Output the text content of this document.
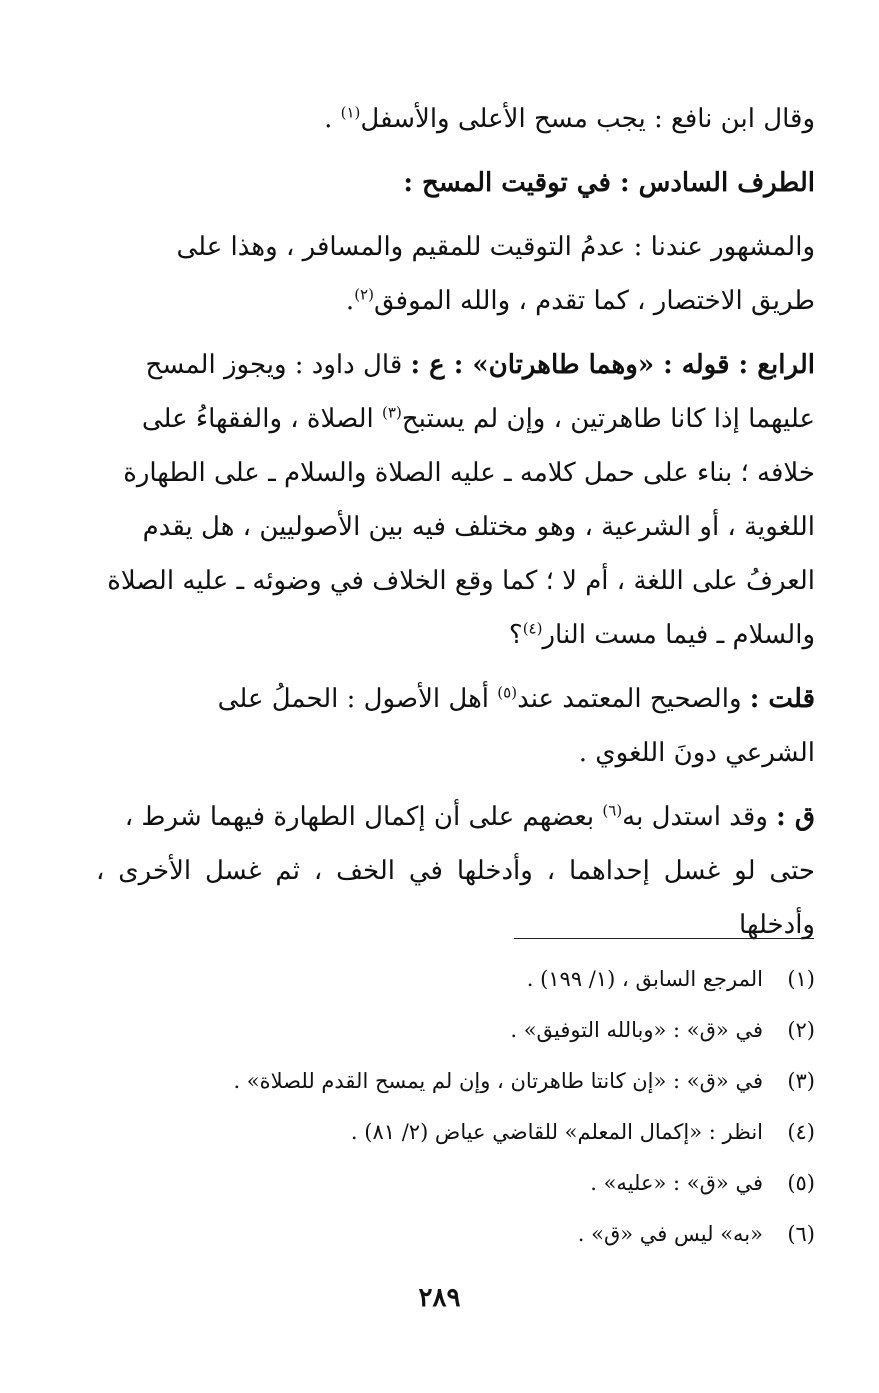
وقال ابن نافع : يجب مسح الأعلى والأسفل$^{(١)}$ .

الطرف السادس : في توقيت المسح :

والمشهور عندنا : عدمُ التوقيت للمقيم والمسافر ، وهذا على

طريق الاختصار ، كما تقدم ، والله الموفق$^{(٢)}$.

الرابع : قوله : «وهما طاهرتان» : ع : قال داود : ويجوز المسح

عليهما إذا كانا طاهرتين ، وإن لم يستبح$^{(٣)}$ الصلاة ، والفقهاءُ على

خلافه ؛ بناء على حمل كلامه ـ عليه الصلاة والسلام ـ على الطهارة

اللغوية ، أو الشرعية ، وهو مختلف فيه بين الأصوليين ، هل يقدم

العرفُ على اللغة ، أم لا ؛ كما وقع الخلاف في وضوئه ـ عليه الصلاة

والسلام ـ فيما مست النار$^{(٤)}$؟

قلت : والصحيح المعتمد عند$^{(٥)}$ أهل الأصول : الحملُ على

الشرعي دونَ اللغوي .

ق : وقد استدل به$^{(٦)}$ بعضهم على أن إكمال الطهارة فيهما شرط ،

حتى لو غسل إحداهما ، وأدخلها في الخف ، ثم غسل الأخرى ، وأدخلها

(١)
المرجع السابق ، (١/ ١٩٩) .
(٢)
في «ق» : «وبالله التوفيق» .
(٣)
في «ق» : «إن كانتا طاهرتان ، وإن لم يمسح القدم للصلاة» .
(٤)
انظر : «إكمال المعلم» للقاضي عياض (٢/ ٨١) .
(٥)
في «ق» : «عليه» .
(٦)
«به» ليس في «ق» .
٢٨٩
